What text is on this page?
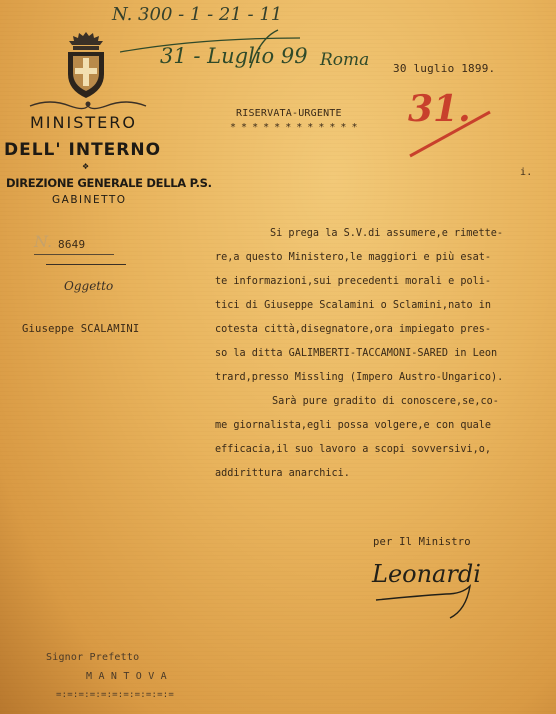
N. 300 - 1 - 21 - 11
MINISTERO
DELL' INTERNO
❖
DIREZIONE GENERALE DELLA P.S.
GABINETTO
N. 8649
Oggetto
Giuseppe SCALAMINI
31 - Luglio 99 Roma 30 luglio 1899.
RISERVATA-URGENTE
* * * * * * * * * * * * 31.
i.
Si prega la S.V.di assumere,e rimette-
re,a questo Ministero,le maggiori e più esat-
te informazioni,sui precedenti morali e poli-
tici di Giuseppe Scalamini o Sclamini,nato in
cotesta città,disegnatore,ora impiegato pres-
so la ditta GALIMBERTI-TACCAMONI-SARED in Leon
trard,presso Missling (Impero Austro-Ungarico).
Sarà pure gradito di conoscere,se,co-
me giornalista,egli possa volgere,e con quale
efficacia,il suo lavoro a scopi sovversivi,o,
addirittura anarchici.
per Il Ministro
Leonardi
Signor Prefetto
M A N T O V A
=:=:=:=:=:=:=:=:=:=:=
